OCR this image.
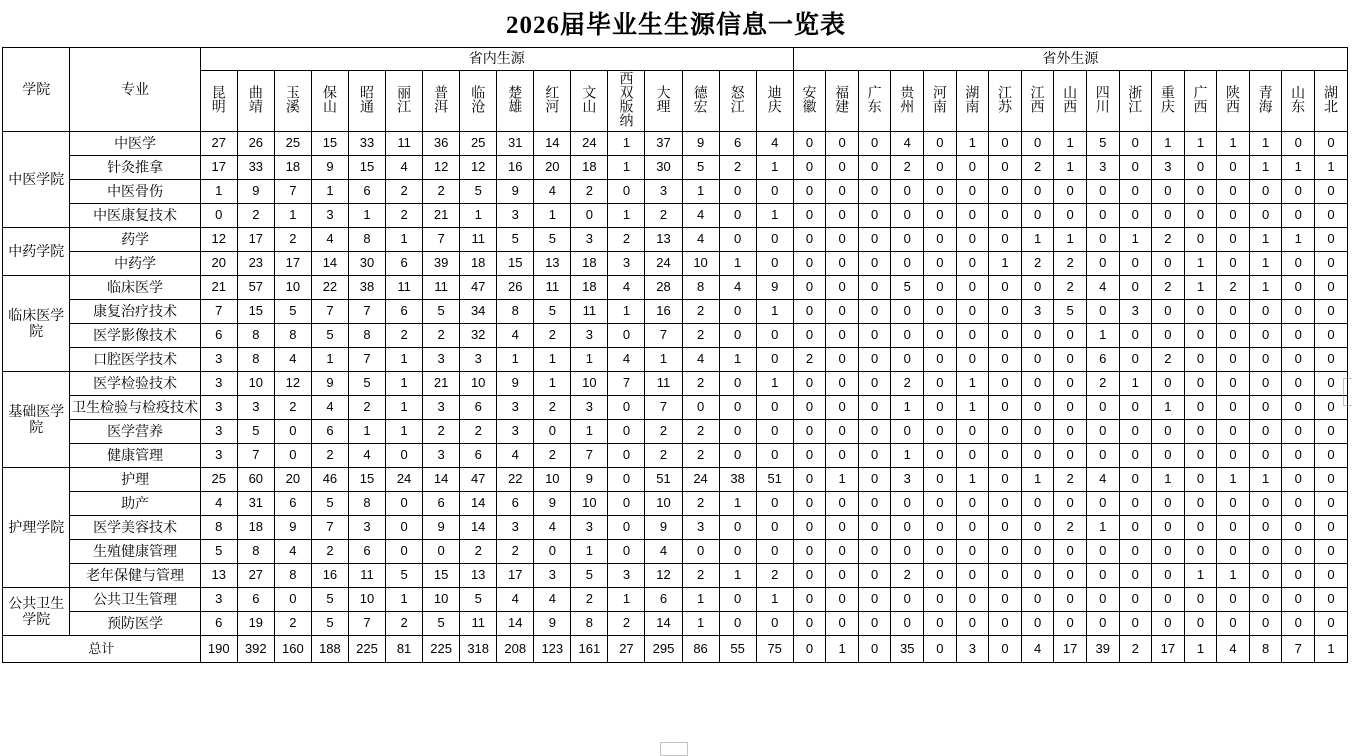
2026届毕业生生源信息一览表
学院	专业	省内生源																省外生源																
		昆明	曲靖	玉溪	保山	昭通	丽江	普洱	临沧	楚雄	红河	文山	西双版纳	大理	德宏	怒江	迪庆	安徽	福建	广东	贵州	河南	湖南	江苏	江西	山西	四川	浙江	重庆	广西	陕西	青海	山东	湖北
中医学院	中医学	27	26	25	15	33	11	36	25	31	14	24	1	37	9	6	4	0	0	0	4	0	1	0	0	1	5	0	1	1	1	1	0	0
	针灸推拿	17	33	18	9	15	4	12	12	16	20	18	1	30	5	2	1	0	0	0	2	0	0	0	2	1	3	0	3	0	0	1	1	1
	中医骨伤	1	9	7	1	6	2	2	5	9	4	2	0	3	1	0	0	0	0	0	0	0	0	0	0	0	0	0	0	0	0	0	0	0
	中医康复技术	0	2	1	3	1	2	21	1	3	1	0	1	2	4	0	1	0	0	0	0	0	0	0	0	0	0	0	0	0	0	0	0	0
中药学院	药学	12	17	2	4	8	1	7	11	5	5	3	2	13	4	0	0	0	0	0	0	0	0	0	1	1	0	1	2	0	0	1	1	0
	中药学	20	23	17	14	30	6	39	18	15	13	18	3	24	10	1	0	0	0	0	0	0	0	1	2	2	0	0	0	1	0	1	0	0
临床医学院	临床医学	21	57	10	22	38	11	11	47	26	11	18	4	28	8	4	9	0	0	0	5	0	0	0	0	2	4	0	2	1	2	1	0	0
	康复治疗技术	7	15	5	7	7	6	5	34	8	5	11	1	16	2	0	1	0	0	0	0	0	0	0	3	5	0	3	0	0	0	0	0	0
	医学影像技术	6	8	8	5	8	2	2	32	4	2	3	0	7	2	0	0	0	0	0	0	0	0	0	0	0	1	0	0	0	0	0	0	0
	口腔医学技术	3	8	4	1	7	1	3	3	1	1	1	4	1	4	1	0	2	0	0	0	0	0	0	0	0	6	0	2	0	0	0	0	0
基础医学院	医学检验技术	3	10	12	9	5	1	21	10	9	1	10	7	11	2	0	1	0	0	0	2	0	1	0	0	0	2	1	0	0	0	0	0	0
	卫生检验与检疫技术	3	3	2	4	2	1	3	6	3	2	3	0	7	0	0	0	0	0	0	1	0	1	0	0	0	0	0	1	0	0	0	0	0
	医学营养	3	5	0	6	1	1	2	2	3	0	1	0	2	2	0	0	0	0	0	0	0	0	0	0	0	0	0	0	0	0	0	0	0
	健康管理	3	7	0	2	4	0	3	6	4	2	7	0	2	2	0	0	0	0	0	1	0	0	0	0	0	0	0	0	0	0	0	0	0
护理学院	护理	25	60	20	46	15	24	14	47	22	10	9	0	51	24	38	51	0	1	0	3	0	1	0	1	2	4	0	1	0	1	1	0	0
	助产	4	31	6	5	8	0	6	14	6	9	10	0	10	2	1	0	0	0	0	0	0	0	0	0	0	0	0	0	0	0	0	0	0
	医学美容技术	8	18	9	7	3	0	9	14	3	4	3	0	9	3	0	0	0	0	0	0	0	0	0	0	2	1	0	0	0	0	0	0	0
	生殖健康管理	5	8	4	2	6	0	0	2	2	0	1	0	4	0	0	0	0	0	0	0	0	0	0	0	0	0	0	0	0	0	0	0	0
	老年保健与管理	13	27	8	16	11	5	15	13	17	3	5	3	12	2	1	2	0	0	0	2	0	0	0	0	0	0	0	0	1	1	0	0	0
公共卫生学院	公共卫生管理	3	6	0	5	10	1	10	5	4	4	2	1	6	1	0	1	0	0	0	0	0	0	0	0	0	0	0	0	0	0	0	0	0
	预防医学	6	19	2	5	7	2	5	11	14	9	8	2	14	1	0	0	0	0	0	0	0	0	0	0	0	0	0	0	0	0	0	0	0
总计		190	392	160	188	225	81	225	318	208	123	161	27	295	86	55	75	0	1	0	35	0	3	0	4	17	39	2	17	1	4	8	7	1
